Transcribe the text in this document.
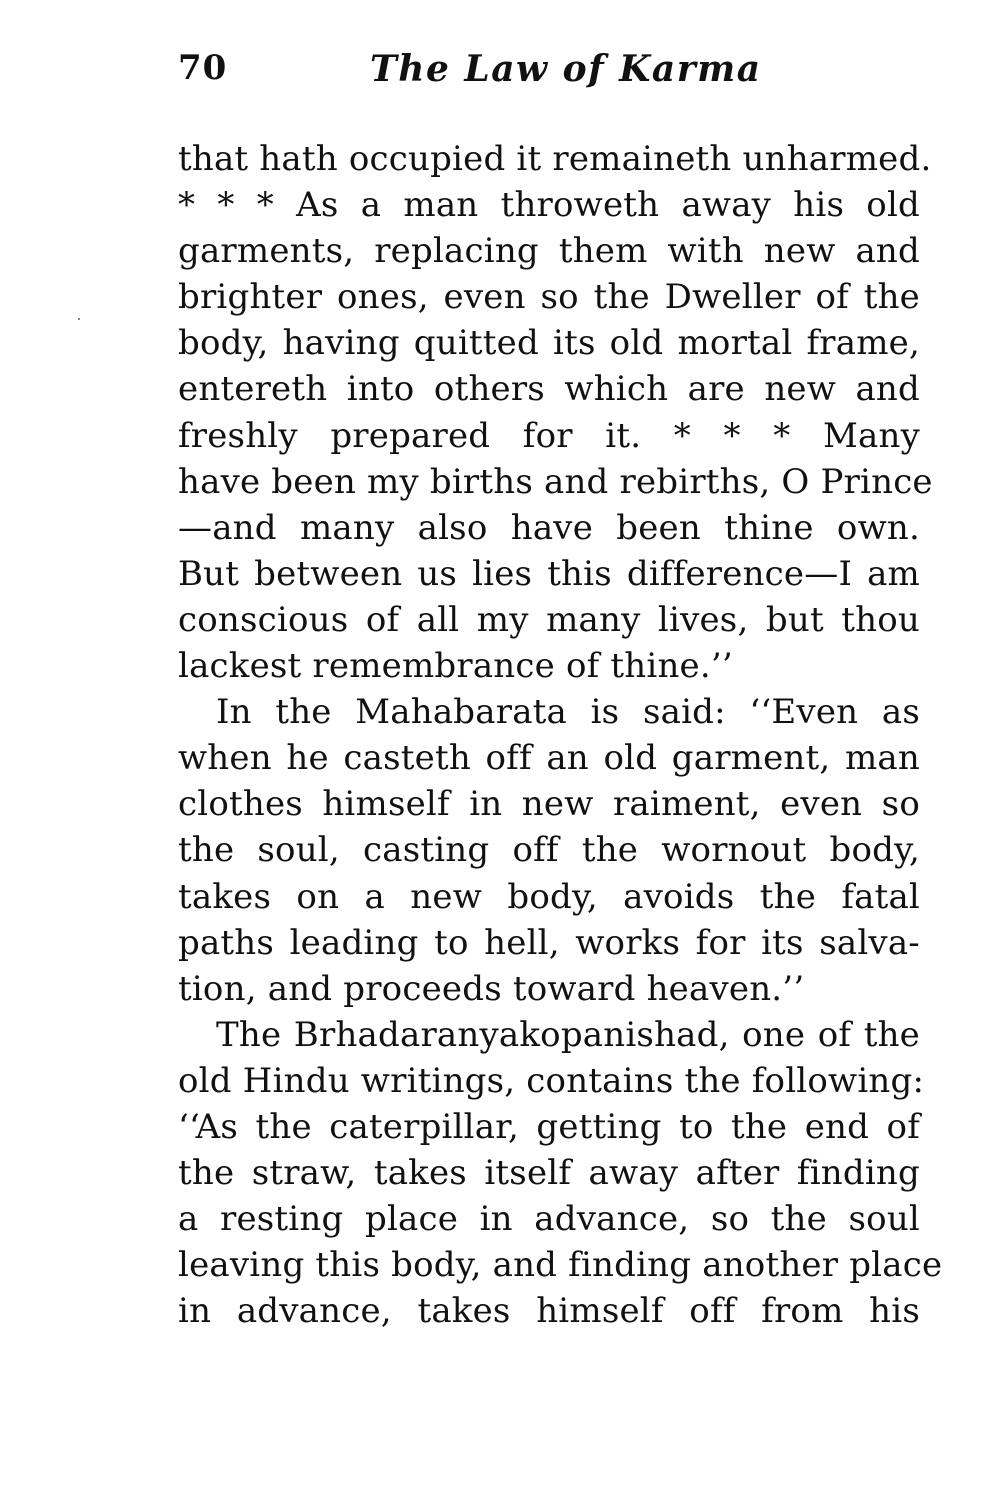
70	The Law of Karma
that hath occupied it remaineth unharmed.
* * * As a man throweth away his old
garments, replacing them with new and
brighter ones, even so the Dweller of the
body, having quitted its old mortal frame,
entereth into others which are new and
freshly prepared for it. * * * Many
have been my births and rebirths, O Prince
—and many also have been thine own.
But between us lies this difference—I am
conscious of all my many lives, but thou
lackest remembrance of thine.’’
In the Mahabarata is said: ‘‘Even as
when he casteth off an old garment, man
clothes himself in new raiment, even so
the soul, casting off the wornout body,
takes on a new body, avoids the fatal
paths leading to hell, works for its salva-
tion, and proceeds toward heaven.’’
The Brhadaranyakopanishad, one of the
old Hindu writings, contains the following:
‘‘As the caterpillar, getting to the end of
the straw, takes itself away after finding
a resting place in advance, so the soul
leaving this body, and finding another place
in advance, takes himself off from his
